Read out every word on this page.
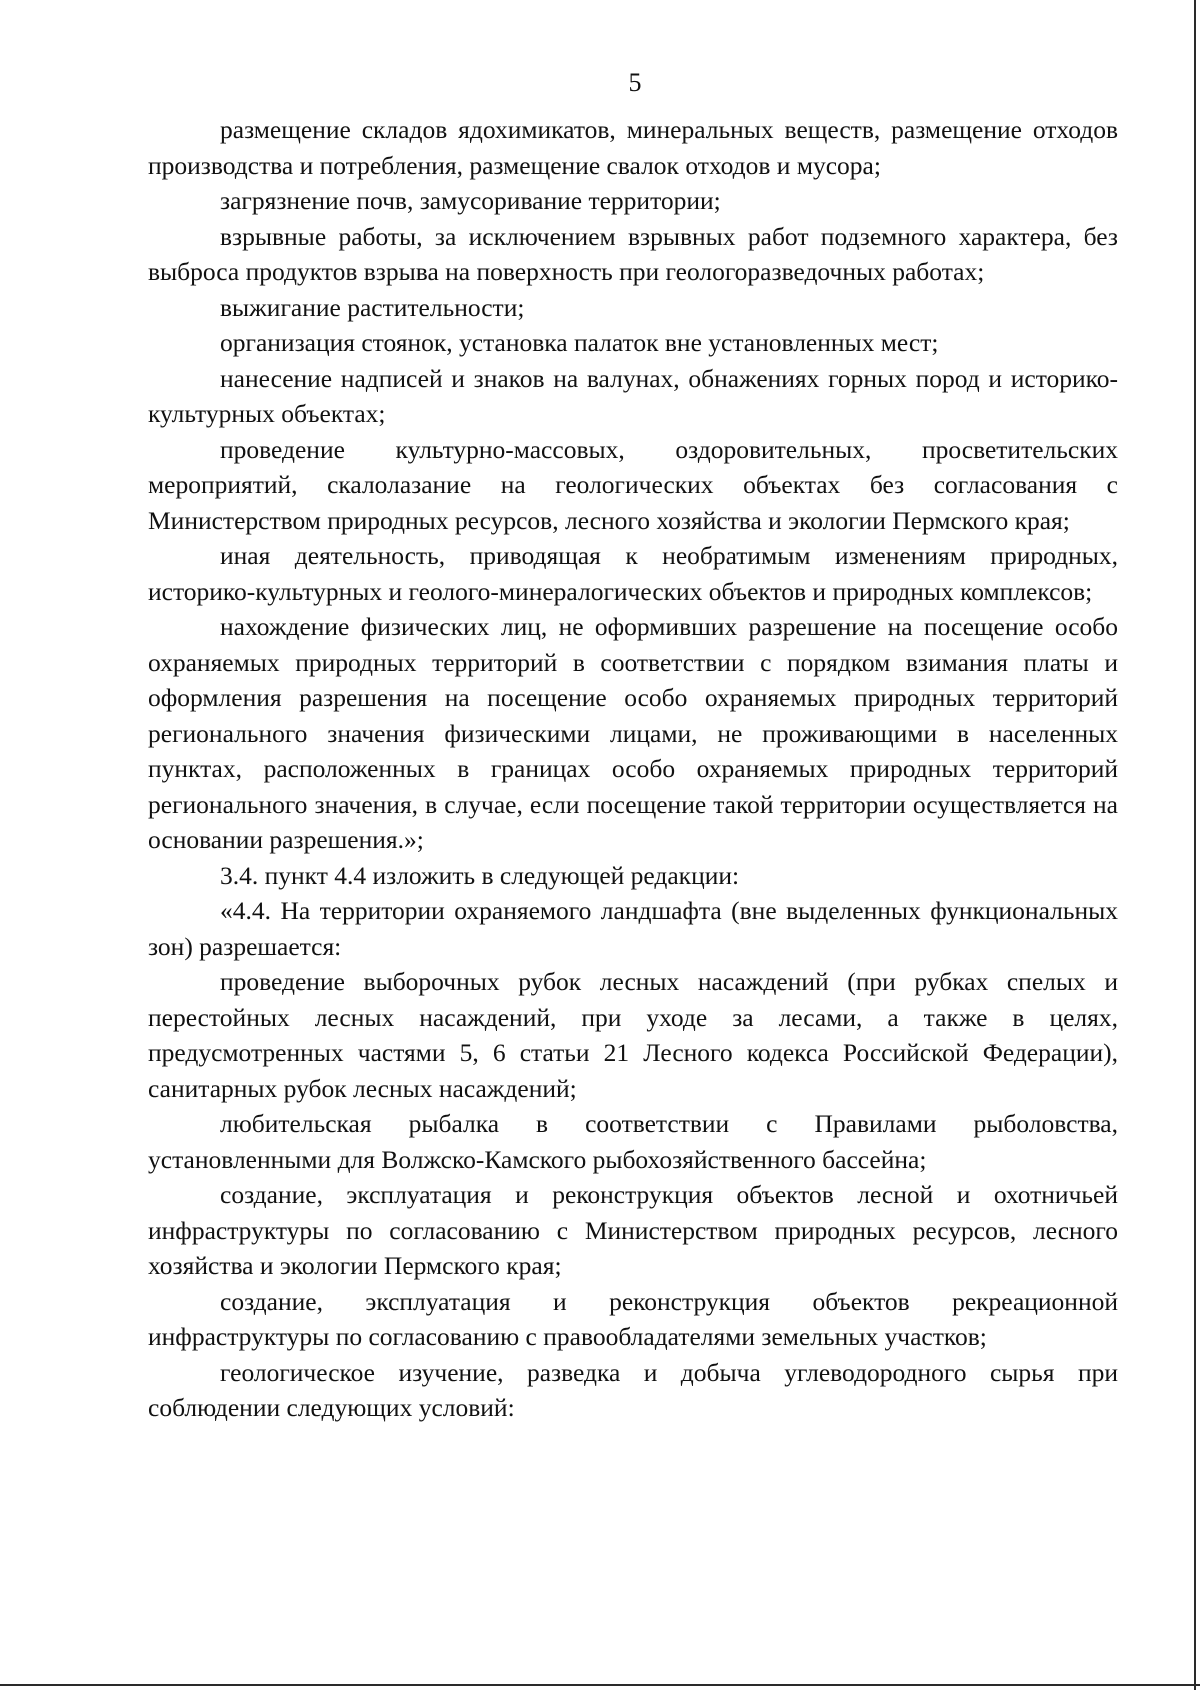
5

размещение складов ядохимикатов, минеральных веществ, размещение отходов производства и потребления, размещение свалок отходов и мусора;

загрязнение почв, замусоривание территории;

взрывные работы, за исключением взрывных работ подземного характера, без выброса продуктов взрыва на поверхность при геологоразведочных работах;

выжигание растительности;

организация стоянок, установка палаток вне установленных мест;

нанесение надписей и знаков на валунах, обнажениях горных пород и историко-культурных объектах;

проведение культурно-массовых, оздоровительных, просветительских мероприятий, скалолазание на геологических объектах без согласования с Министерством природных ресурсов, лесного хозяйства и экологии Пермского края;

иная деятельность, приводящая к необратимым изменениям природных, историко-культурных и геолого-минералогических объектов и природных комплексов;

нахождение физических лиц, не оформивших разрешение на посещение особо охраняемых природных территорий в соответствии с порядком взимания платы и оформления разрешения на посещение особо охраняемых природных территорий регионального значения физическими лицами, не проживающими в населенных пунктах, расположенных в границах особо охраняемых природных территорий регионального значения, в случае, если посещение такой территории осуществляется на основании разрешения.»;

3.4. пункт 4.4 изложить в следующей редакции:

«4.4. На территории охраняемого ландшафта (вне выделенных функциональных зон) разрешается:

проведение выборочных рубок лесных насаждений (при рубках спелых и перестойных лесных насаждений, при уходе за лесами, а также в целях, предусмотренных частями 5, 6 статьи 21 Лесного кодекса Российской Федерации), санитарных рубок лесных насаждений;

любительская рыбалка в соответствии с Правилами рыболовства, установленными для Волжско-Камского рыбохозяйственного бассейна;

создание, эксплуатация и реконструкция объектов лесной и охотничьей инфраструктуры по согласованию с Министерством природных ресурсов, лесного хозяйства и экологии Пермского края;

создание, эксплуатация и реконструкция объектов рекреационной инфраструктуры по согласованию с правообладателями земельных участков;

геологическое изучение, разведка и добыча углеводородного сырья при соблюдении следующих условий:
